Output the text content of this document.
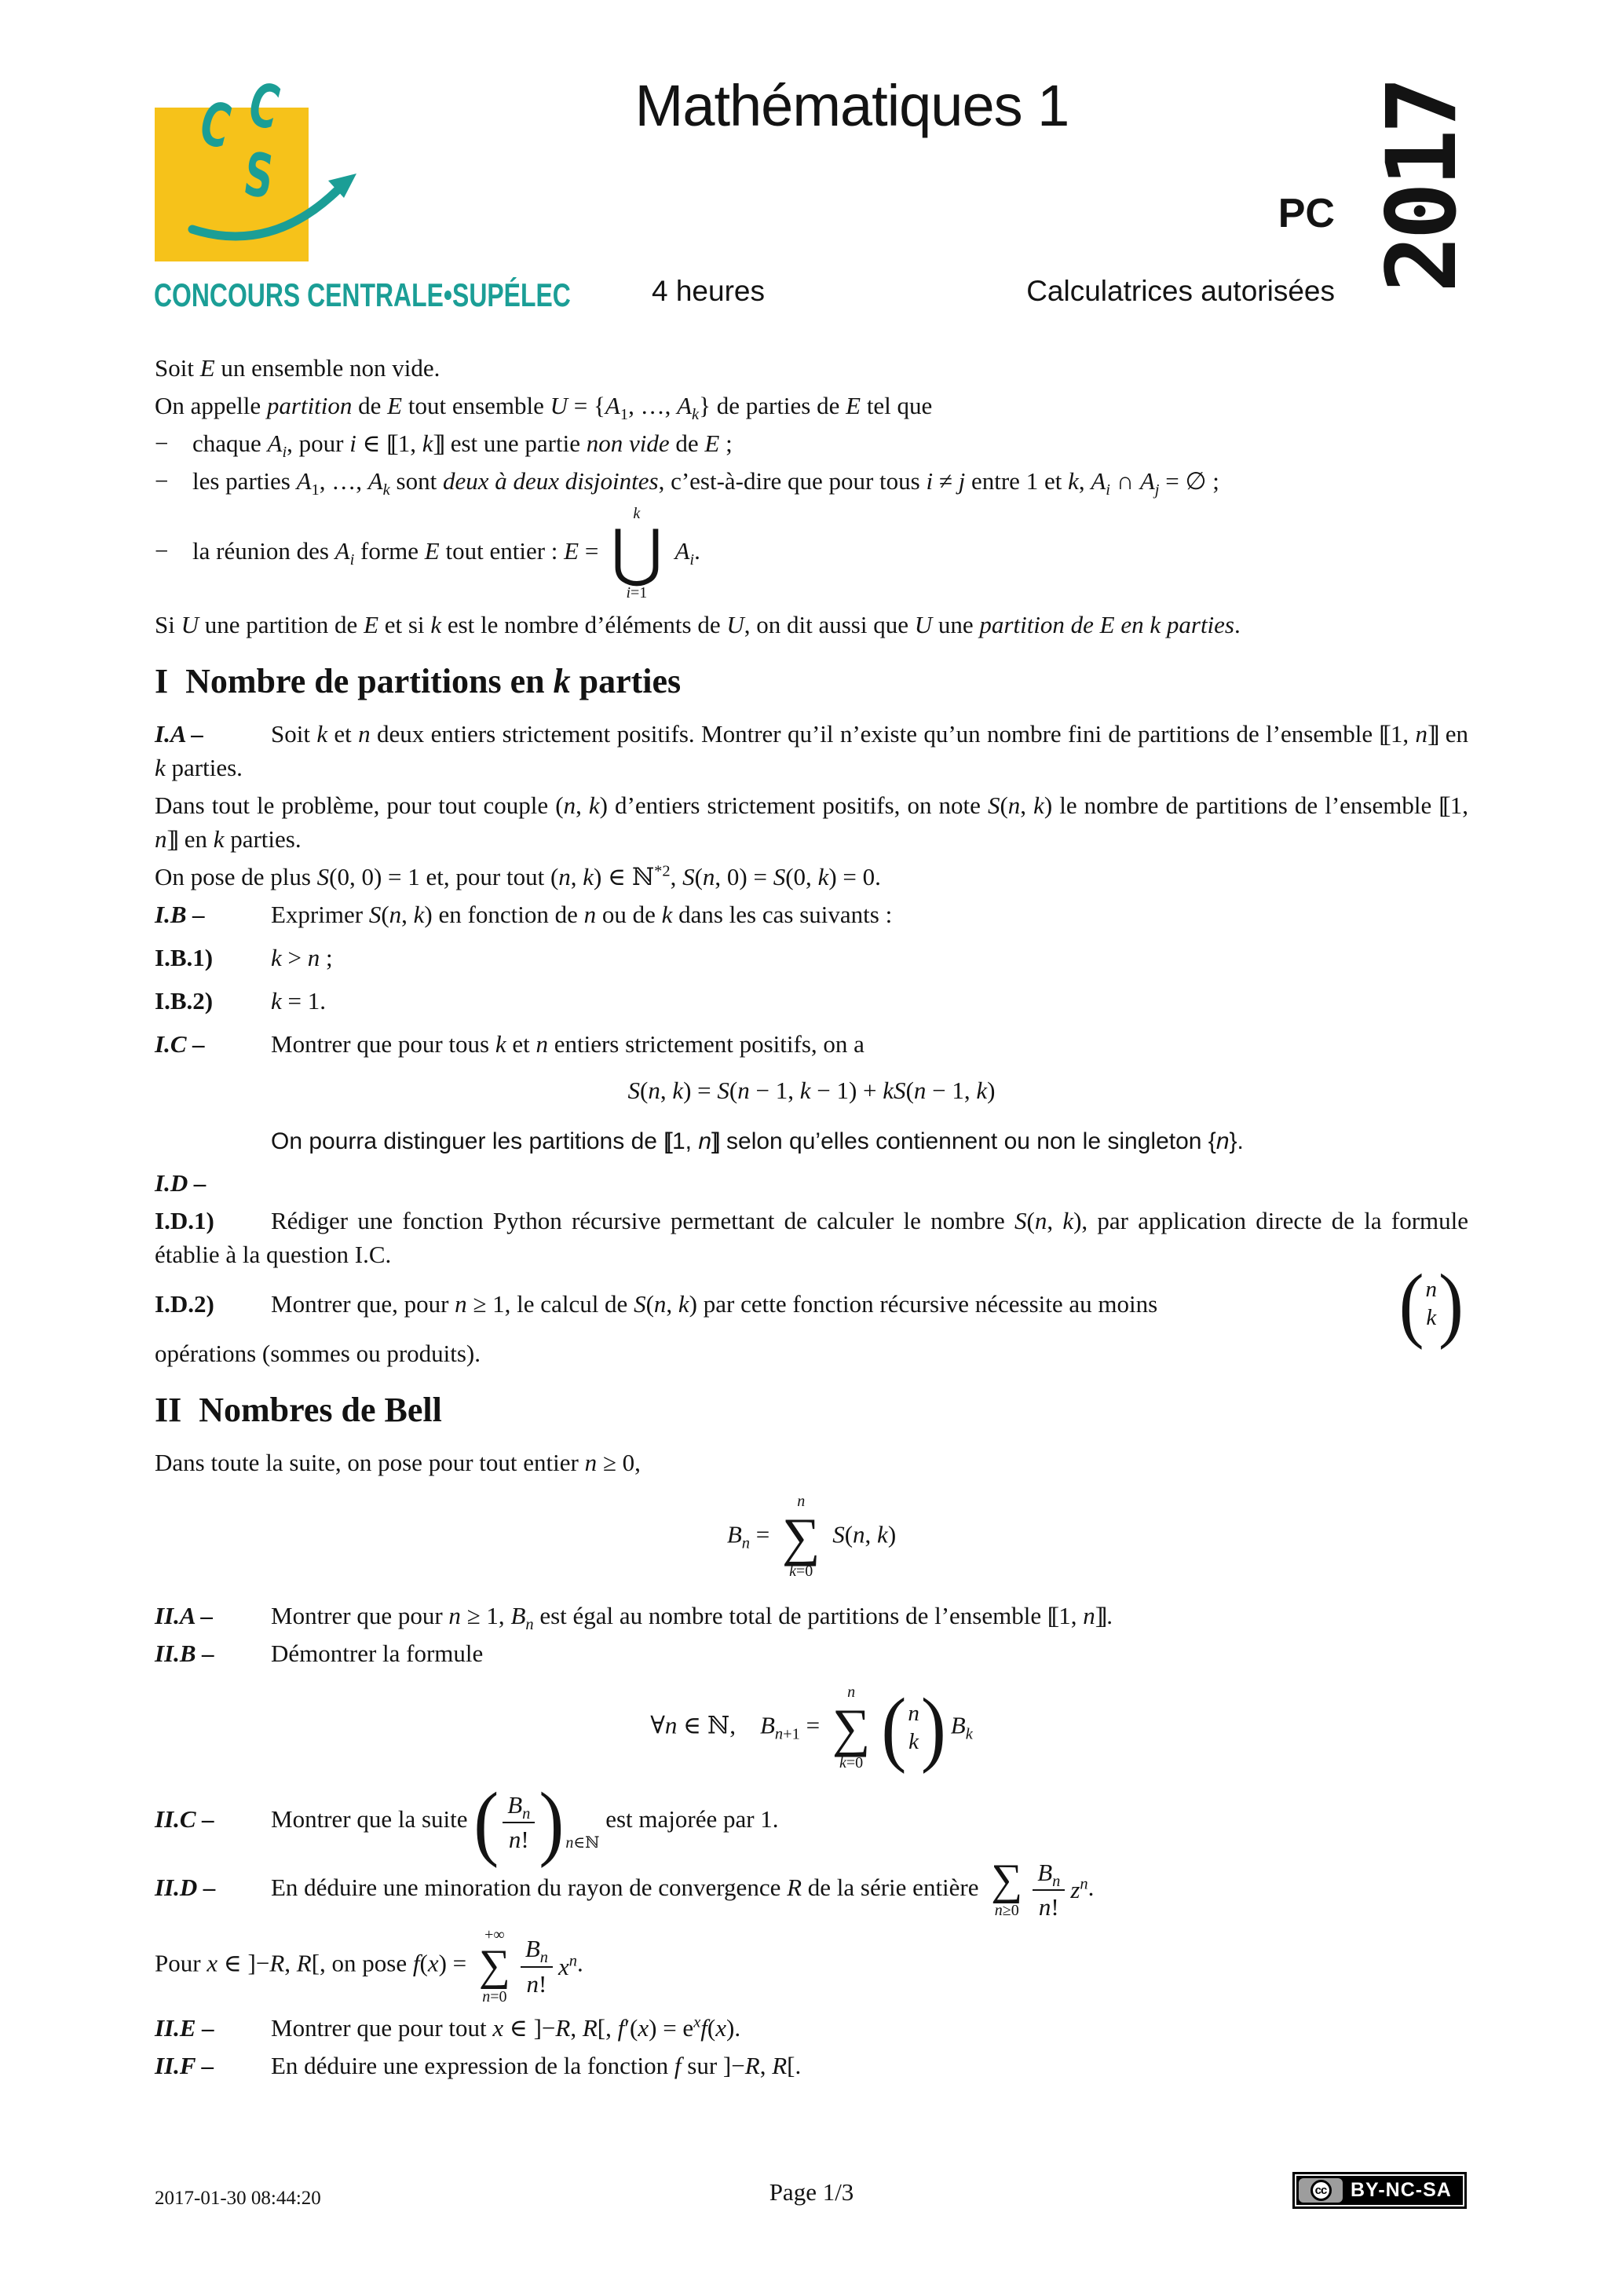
C C
S
CONCOURS CENTRALE•SUPÉLEC
Mathématiques 1
PC
4 heures	Calculatrices autorisées 2017

Soit E un ensemble non vide.

On appelle partition de E tout ensemble $U = \{A_1$, …, $A_k$} de parties de E tel que

− chaque $A_i$, pour i ∈ [[ 1, k]] est une partie non vide de E ;

− les parties $A_1$, …, $A_k$ sont deux à deux disjointes, c’est-à-dire que pour tous i ≠ j entre 1 et k, $A_i$ ∩ $A_j$ = ∅ ;

− la réunion des $A_i$ forme E tout entier : E =
k
⋃
i=1
$A_i$.

Si U une partition de E et si k est le nombre d’éléments de U, on dit aussi que U une partition de E en k parties.

I  Nombre de partitions en k parties

I.A –	Soit k et n deux entiers strictement positifs. Montrer qu’il n’existe qu’un nombre fini de partitions de l’ensemble [[ 1, n]] en k parties.

Dans tout le problème, pour tout couple (n, k) d’entiers strictement positifs, on note S(n, k) le nombre de partitions de l’ensemble [[ 1, n]] en k parties.

On pose de plus S(0, 0) = 1 et, pour tout (n, k) ∈ ℕ$^{*2}$, S(n, 0) = S(0, k) = 0.

I.B –	Exprimer S(n, k) en fonction de n ou de k dans les cas suivants :

I.B.1) k > n ;

I.B.2) k = 1.

I.C –	Montrer que pour tous k et n entiers strictement positifs, on a

S(n, k) = S(n − 1, k − 1) + kS(n − 1, k)

On pourra distinguer les partitions de [[ 1, n]] selon qu’elles contiennent ou non le singleton {n}.

I.D –

I.D.1) Rédiger une fonction Python récursive permettant de calculer le nombre S(n, k), par application directe de la formule établie à la question I.C.

I.D.2)	Montrer que, pour n ≥ 1, le calcul de S(n, k) par cette fonction récursive nécessite au moins	( n
k )

opérations (sommes ou produits).

II  Nombres de Bell

Dans toute la suite, on pose pour tout entier n ≥ 0,

$B_n$ =
n
∑
k=0
S(n, k)

II.A – Montrer que pour n ≥ 1, $B_n$ est égal au nombre total de partitions de l’ensemble [[ 1, n]] .

II.B – Démontrer la formule

∀n ∈ ℕ,    $B_{n+1}$ =
n
∑
k=0 ( n
k ) $B_k$

II.C – Montrer que la suite ( $\frac{B_n}{n!}$ ) n∈ℕ
est majorée par 1.

II.D – En déduire une minoration du rayon de convergence R de la série entière ∑
$n\ge 0 \frac{B_n}{n!} z^n$ .

Pour x ∈ ]−R, R[, on pose f(x) =
+∞
∑
$n=0 \frac{B_n}{n!} x^n$ .

II.E – Montrer que pour tout x ∈ ]−R, R[, $f'(x) = e^xf(x)$.

II.F – En déduire une expression de la fonction f sur ]−R, R[.

2017-01-30 08:44:20	Page 1/3	cc BY-NC-SA
